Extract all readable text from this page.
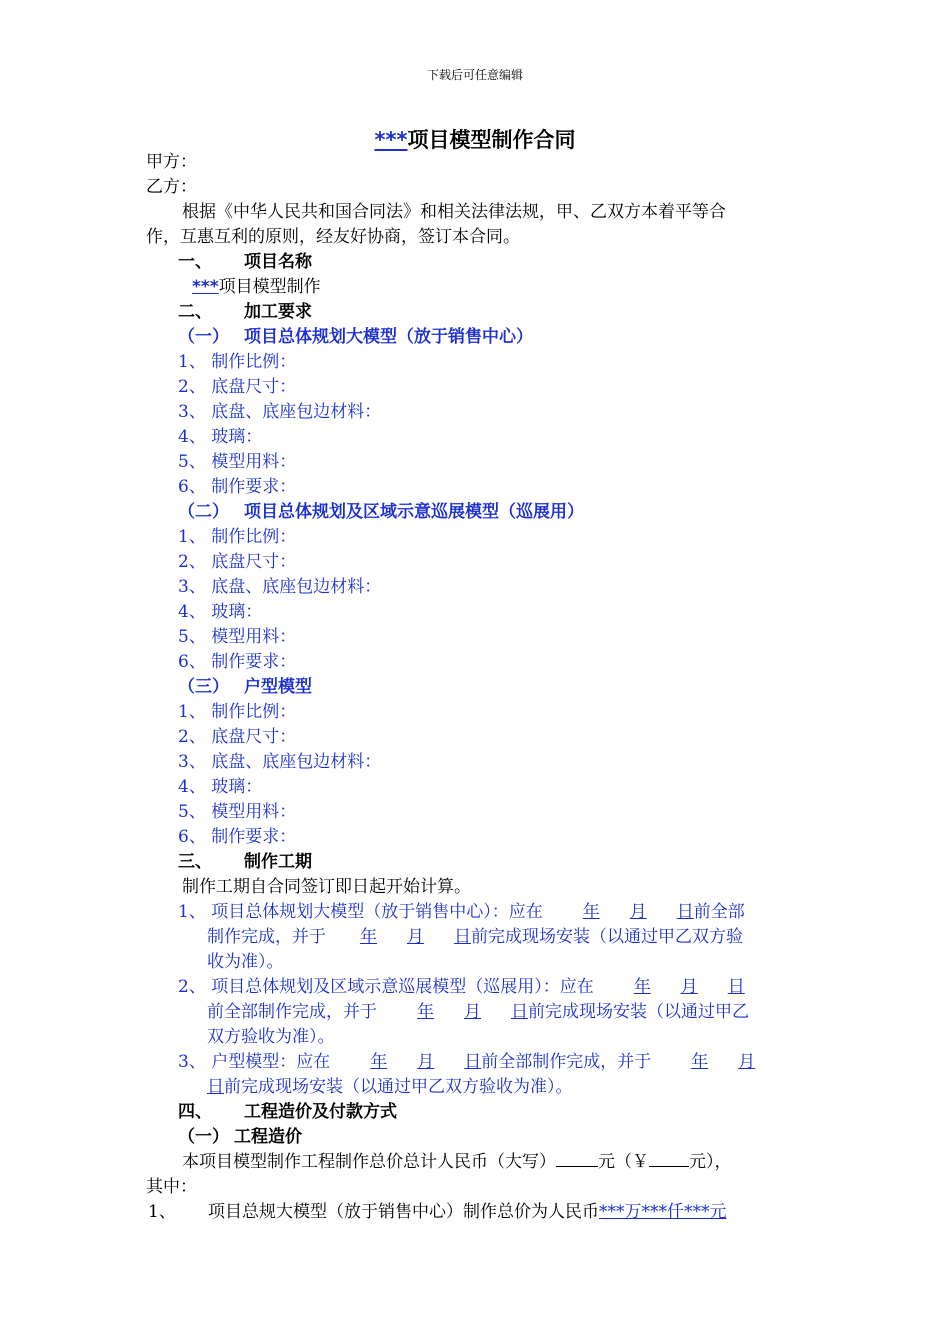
下载后可任意编辑
***项目模型制作合同
甲方：
乙方：
根据《中华人民共和国合同法》和相关法律法规，甲、乙双方本着平等合
作，互惠互利的原则，经友好协商，签订本合同。
一、 项目名称
***项目模型制作
二、 加工要求
（一） 项目总体规划大模型（放于销售中心）
1、 制作比例：
2、 底盘尺寸：
3、 底盘、底座包边材料：
4、 玻璃：
5、 模型用料：
6、 制作要求：
（二） 项目总体规划及区域示意巡展模型（巡展用）
1、 制作比例：
2、 底盘尺寸：
3、 底盘、底座包边材料：
4、 玻璃：
5、 模型用料：
6、 制作要求：
（三） 户型模型
1、 制作比例：
2、 底盘尺寸：
3、 底盘、底座包边材料：
4、 玻璃：
5、 模型用料：
6、 制作要求：
三、 制作工期
制作工期自合同签订即日起开始计算。
1、 项目总体规划大模型（放于销售中心）：应在 年 月 日前全部
制作完成，并于 年 月 日前完成现场安装（以通过甲乙双方验
收为准）。
2、 项目总体规划及区域示意巡展模型（巡展用）：应在 年 月 日
前全部制作完成，并于 年 月 日前完成现场安装（以通过甲乙
双方验收为准）。
3、 户型模型：应在 年 月 日前全部制作完成，并于 年 月
日前完成现场安装（以通过甲乙双方验收为准）。
四、 工程造价及付款方式
（一） 工程造价
本项目模型制作工程制作总价总计人民币（大写） 元（￥ 元），
其中：
1、 项目总规大模型（放于销售中心）制作总价为人民币***万***仟***元
